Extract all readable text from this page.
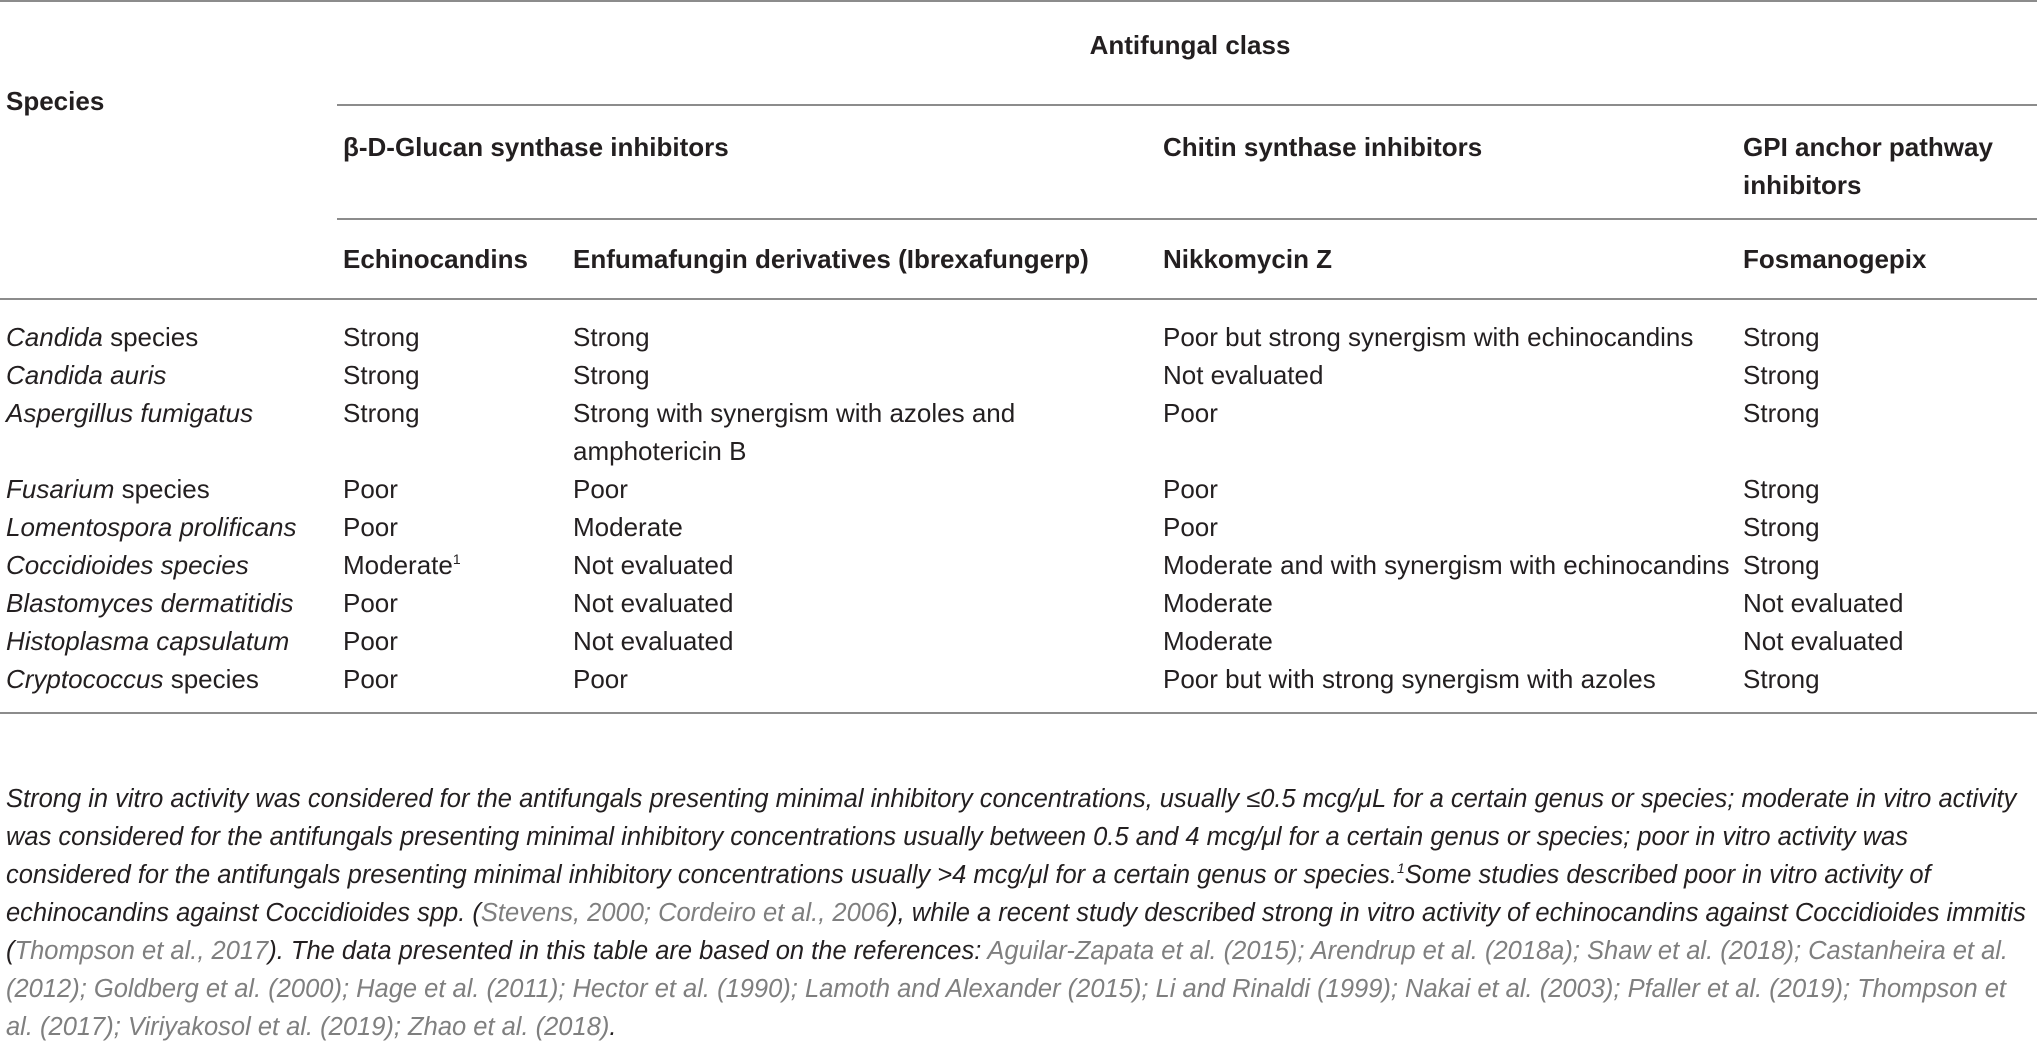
Species	Antifungal class			
	β-D-Glucan synthase inhibitors		Chitin synthase inhibitors	GPI anchor pathway inhibitors
	Echinocandins	Enfumafungin derivatives (Ibrexafungerp)	Nikkomycin Z	Fosmanogepix
Candida species	Strong	Strong	Poor but strong synergism with echinocandins	Strong
Candida auris	Strong	Strong	Not evaluated	Strong
Aspergillus fumigatus	Strong	Strong with synergism with azoles and amphotericin B	Poor	Strong
Fusarium species	Poor	Poor	Poor	Strong
Lomentospora prolificans	Poor	Moderate	Poor	Strong
Coccidioides species	Moderate$^1$	Not evaluated	Moderate and with synergism with echinocandins	Strong
Blastomyces dermatitidis	Poor	Not evaluated	Moderate	Not evaluated
Histoplasma capsulatum	Poor	Not evaluated	Moderate	Not evaluated
Cryptococcus species	Poor	Poor	Poor but with strong synergism with azoles	Strong
Strong in vitro activity was considered for the antifungals presenting minimal inhibitory concentrations, usually ≤0.5 mcg/μL for a certain genus or species; moderate in vitro activity was considered for the antifungals presenting minimal inhibitory concentrations usually between 0.5 and 4 mcg/μl for a certain genus or species; poor in vitro activity was considered for the antifungals presenting minimal inhibitory concentrations usually >4 mcg/μl for a certain genus or species.$^1$Some studies described poor in vitro activity of echinocandins against Coccidioides spp. (Stevens, 2000; Cordeiro et al., 2006), while a recent study described strong in vitro activity of echinocandins against Coccidioides immitis (Thompson et al., 2017). The data presented in this table are based on the references: Aguilar-Zapata et al. (2015); Arendrup et al. (2018a); Shaw et al. (2018); Castanheira et al. (2012); Goldberg et al. (2000); Hage et al. (2011); Hector et al. (1990); Lamoth and Alexander (2015); Li and Rinaldi (1999); Nakai et al. (2003); Pfaller et al. (2019); Thompson et al. (2017); Viriyakosol et al. (2019); Zhao et al. (2018).
